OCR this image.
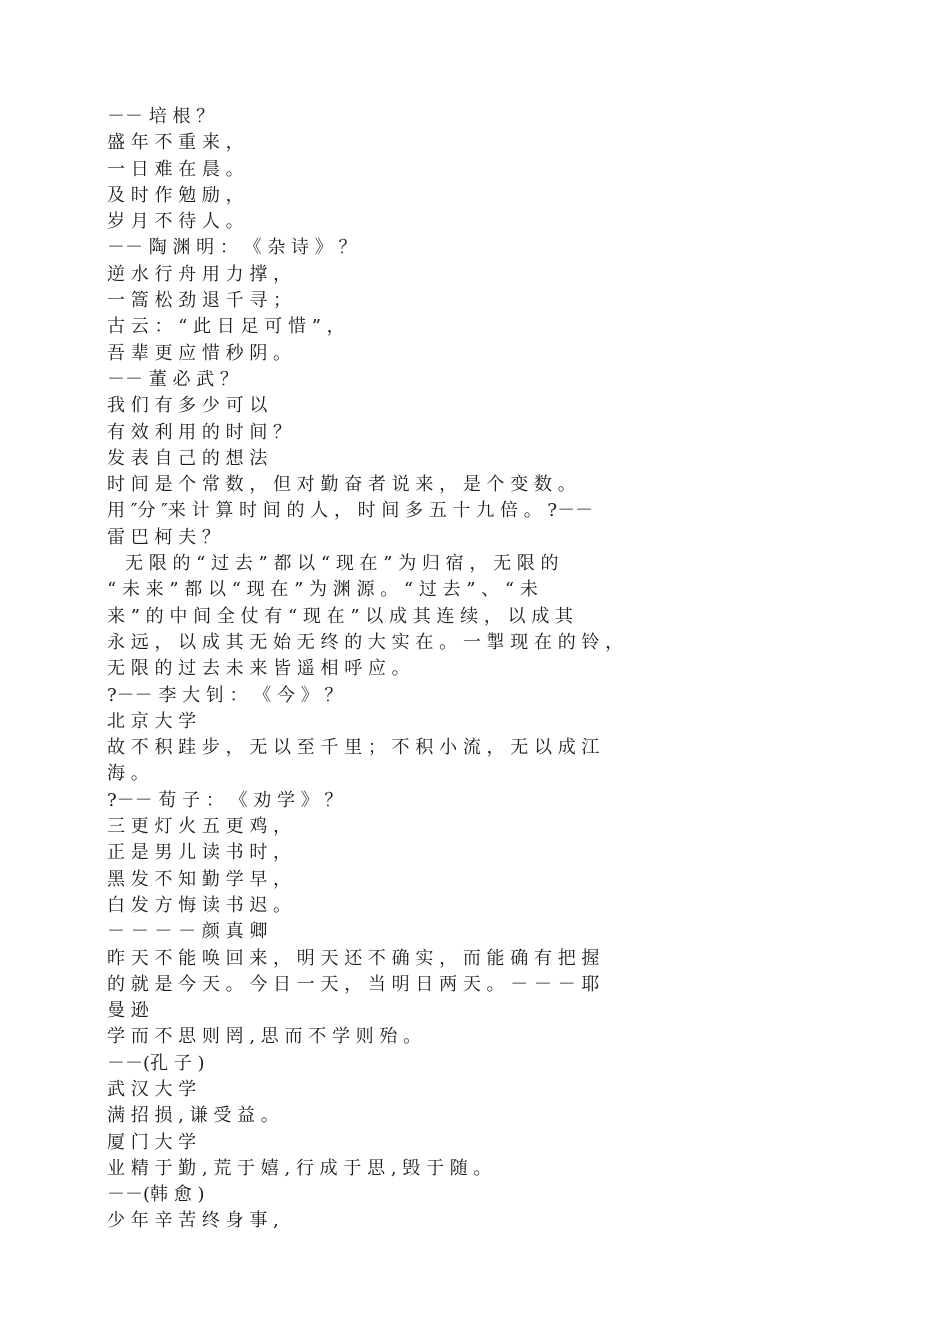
－－ 培 根 ？
盛 年 不 重 来 ，
一 日 难 在 晨 。
及 时 作 勉 励 ，
岁 月 不 待 人 。
－－ 陶 渊 明 ： 《 杂 诗 》 ？
逆 水 行 舟 用 力 撑 ，
一 篙 松 劲 退 千 寻 ；
古 云 ： “ 此 日 足 可 惜 ” ，
吾 辈 更 应 惜 秒 阴 。
－－ 董 必 武 ？
我 们 有 多 少 可 以
有 效 利 用 的 时 间 ？
发 表 自 己 的 想 法
时 间 是 个 常 数 ， 但 对 勤 奋 者 说 来 ， 是 个 变 数 。
用 ″分 ″来 计 算 时 间 的 人 ， 时 间 多 五 十 九 倍 。 ?－－
雷 巴 柯 夫 ？
　无 限 的 “ 过 去 ” 都 以 “ 现 在 ” 为 归 宿 ， 无 限 的
“ 未 来 ” 都 以 “ 现 在 ” 为 渊 源 。 “ 过 去 ” 、 “ 未
来 ” 的 中 间 全 仗 有 “ 现 在 ” 以 成 其 连 续 ， 以 成 其
永 远 ， 以 成 其 无 始 无 终 的 大 实 在 。 一 掣 现 在 的 铃 ，
无 限 的 过 去 未 来 皆 遥 相 呼 应 。
?－－ 李 大 钊 ： 《 今 》 ？
北 京 大 学
故 不 积 跬 步 ， 无 以 至 千 里 ； 不 积 小 流 ， 无 以 成 江
海 。
?－－ 荀 子 ： 《 劝 学 》 ？
三 更 灯 火 五 更 鸡 ，
正 是 男 儿 读 书 时 ，
黑 发 不 知 勤 学 早 ，
白 发 方 悔 读 书 迟 。
－ － － － 颜 真 卿
昨 天 不 能 唤 回 来 ， 明 天 还 不 确 实 ， 而 能 确 有 把 握
的 就 是 今 天 。 今 日 一 天 ， 当 明 日 两 天 。 － － － 耶
曼 逊
学 而 不 思 则 罔 , 思 而 不 学 则 殆 。
－－(孔 子 )
武 汉 大 学
满 招 损 , 谦 受 益 。
厦 门 大 学
业 精 于 勤 , 荒 于 嬉 , 行 成 于 思 , 毁 于 随 。
－－(韩 愈 )
少 年 辛 苦 终 身 事 ,
